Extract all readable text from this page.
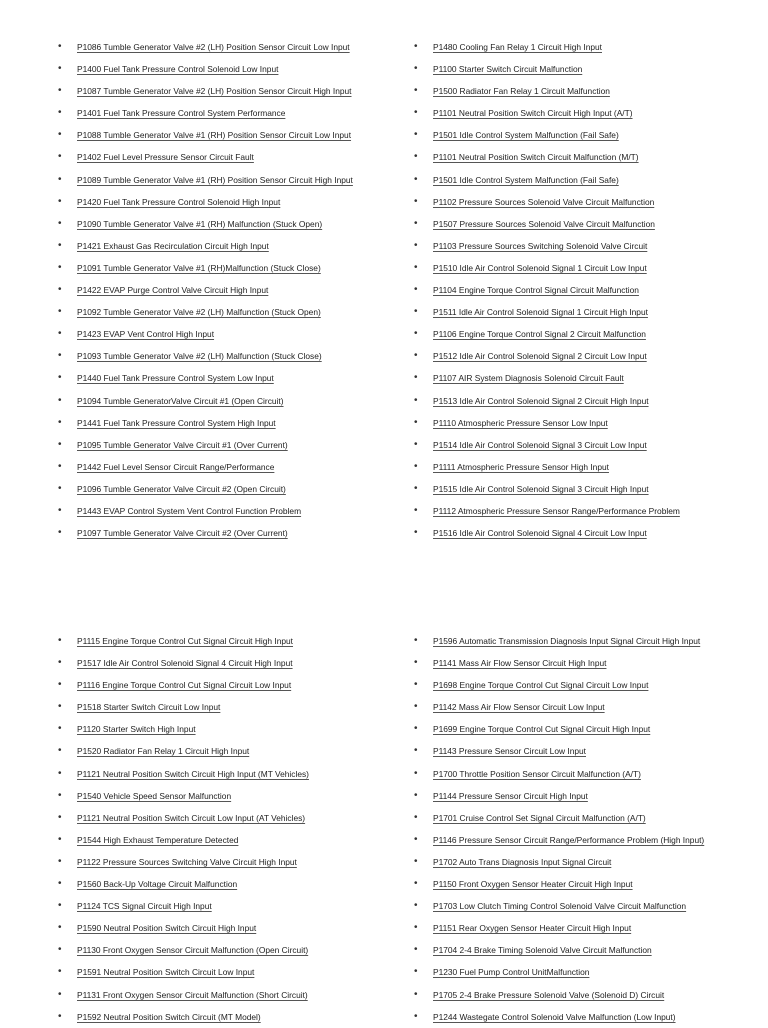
• P1086 Tumble Generator Valve #2 (LH) Position Sensor Circuit Low Input
• P1400 Fuel Tank Pressure Control Solenoid Low Input
• P1087 Tumble Generator Valve #2 (LH) Position Sensor Circuit High Input
• P1401 Fuel Tank Pressure Control System Performance
• P1088 Tumble Generator Valve #1 (RH) Position Sensor Circuit Low Input
• P1402 Fuel Level Pressure Sensor Circuit Fault
• P1089 Tumble Generator Valve #1 (RH) Position Sensor Circuit High Input
• P1420 Fuel Tank Pressure Control Solenoid High Input
• P1090 Tumble Generator Valve #1 (RH) Malfunction (Stuck Open)
• P1421 Exhaust Gas Recirculation Circuit High Input
• P1091 Tumble Generator Valve #1 (RH)Malfunction (Stuck Close)
• P1422 EVAP Purge Control Valve Circuit High Input
• P1092 Tumble Generator Valve #2 (LH) Malfunction (Stuck Open)
• P1423 EVAP Vent Control High Input
• P1093 Tumble Generator Valve #2 (LH) Malfunction (Stuck Close)
• P1440 Fuel Tank Pressure Control System Low Input
• P1094 Tumble GeneratorValve Circuit #1 (Open Circuit)
• P1441 Fuel Tank Pressure Control System High Input
• P1095 Tumble Generator Valve Circuit #1 (Over Current)
• P1442 Fuel Level Sensor Circuit Range/Performance
• P1096 Tumble Generator Valve Circuit #2 (Open Circuit)
• P1443 EVAP Control System Vent Control Function Problem
• P1097 Tumble Generator Valve Circuit #2 (Over Current)
• P1480 Cooling Fan Relay 1 Circuit High Input
• P1100 Starter Switch Circuit Malfunction
• P1500 Radiator Fan Relay 1 Circuit Malfunction
• P1101 Neutral Position Switch Circuit High Input (A/T)
• P1501 Idle Control System Malfunction (Fail Safe)
• P1101 Neutral Position Switch Circuit Malfunction (M/T)
• P1501 Idle Control System Malfunction (Fail Safe)
• P1102 Pressure Sources Solenoid Valve Circuit Malfunction
• P1507 Pressure Sources Solenoid Valve Circuit Malfunction
• P1103 Pressure Sources Switching Solenoid Valve Circuit
• P1510 Idle Air Control Solenoid Signal 1 Circuit Low Input
• P1104 Engine Torque Control Signal Circuit Malfunction
• P1511 Idle Air Control Solenoid Signal 1 Circuit High Input
• P1106 Engine Torque Control Signal 2 Circuit Malfunction
• P1512 Idle Air Control Solenoid Signal 2 Circuit Low Input
• P1107 AIR System Diagnosis Solenoid Circuit Fault
• P1513 Idle Air Control Solenoid Signal 2 Circuit High Input
• P1110 Atmospheric Pressure Sensor Low Input
• P1514 Idle Air Control Solenoid Signal 3 Circuit Low Input
• P1111 Atmospheric Pressure Sensor High Input
• P1515 Idle Air Control Solenoid Signal 3 Circuit High Input
• P1112 Atmospheric Pressure Sensor Range/Performance Problem
• P1516 Idle Air Control Solenoid Signal 4 Circuit Low Input
• P1115 Engine Torque Control Cut Signal Circuit High Input
• P1517 Idle Air Control Solenoid Signal 4 Circuit High Input
• P1116 Engine Torque Control Cut Signal Circuit Low Input
• P1518 Starter Switch Circuit Low Input
• P1120 Starter Switch High Input
• P1520 Radiator Fan Relay 1 Circuit High Input
• P1121 Neutral Position Switch Circuit High Input (MT Vehicles)
• P1540 Vehicle Speed Sensor Malfunction
• P1121 Neutral Position Switch Circuit Low Input (AT Vehicles)
• P1544 High Exhaust Temperature Detected
• P1122 Pressure Sources Switching Valve Circuit High Input
• P1560 Back-Up Voltage Circuit Malfunction
• P1124 TCS Signal Circuit High Input
• P1590 Neutral Position Switch Circuit High Input
• P1130 Front Oxygen Sensor Circuit Malfunction (Open Circuit)
• P1591 Neutral Position Switch Circuit Low Input
• P1131 Front Oxygen Sensor Circuit Malfunction (Short Circuit)
• P1592 Neutral Position Switch Circuit (MT Model)
• P1596 Automatic Transmission Diagnosis Input Signal Circuit High Input
• P1141 Mass Air Flow Sensor Circuit High Input
• P1698 Engine Torque Control Cut Signal Circuit Low Input
• P1142 Mass Air Flow Sensor Circuit Low Input
• P1699 Engine Torque Control Cut Signal Circuit High Input
• P1143 Pressure Sensor Circuit Low Input
• P1700 Throttle Position Sensor Circuit Malfunction (A/T)
• P1144 Pressure Sensor Circuit High Input
• P1701 Cruise Control Set Signal Circuit Malfunction (A/T)
• P1146 Pressure Sensor Circuit Range/Performance Problem (High Input)
• P1702 Auto Trans Diagnosis Input Signal Circuit
• P1150 Front Oxygen Sensor Heater Circuit High Input
• P1703 Low Clutch Timing Control Solenoid Valve Circuit Malfunction
• P1151 Rear Oxygen Sensor Heater Circuit High Input
• P1704 2-4 Brake Timing Solenoid Valve Circuit Malfunction
• P1230 Fuel Pump Control UnitMalfunction
• P1705 2-4 Brake Pressure Solenoid Valve (Solenoid D) Circuit
• P1244 Wastegate Control Solenoid Valve Malfunction (Low Input)
